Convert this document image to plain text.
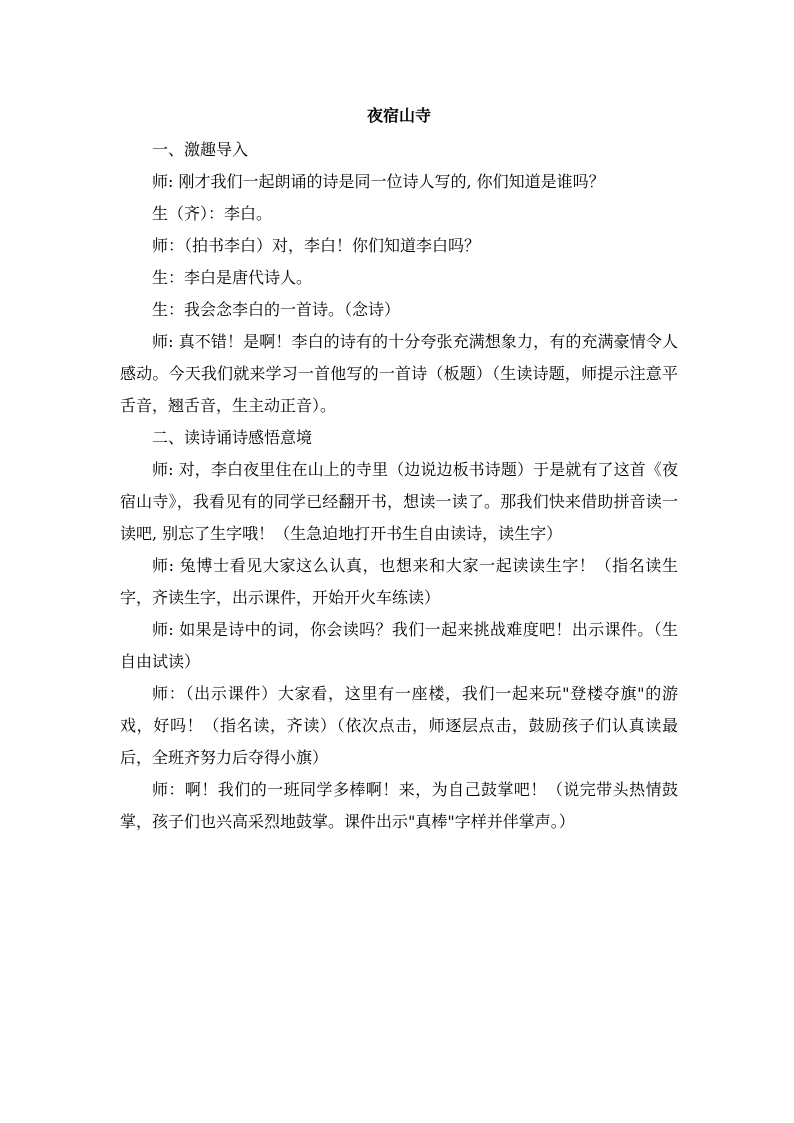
夜宿山寺

一、激趣导入

师: 刚才我们一起朗诵的诗是同一位诗人写的, 你们知道是谁吗？

生（齐）：李白。

师：（拍书李白）对，李白！你们知道李白吗？

生：李白是唐代诗人。

生：我会念李白的一首诗。（念诗）

师: 真不错！是啊！李白的诗有的十分夸张充满想象力，有的充满豪情令人感动。今天我们就来学习一首他写的一首诗（板题）（生读诗题，师提示注意平舌音，翘舌音，生主动正音）。

二、读诗诵诗感悟意境

师: 对，李白夜里住在山上的寺里（边说边板书诗题）于是就有了这首《夜宿山寺》，我看见有的同学已经翻开书，想读一读了。那我们快来借助拼音读一读吧, 别忘了生字哦！（生急迫地打开书生自由读诗，读生字）

师: 兔博士看见大家这么认真，也想来和大家一起读读生字！（指名读生字，齐读生字，出示课件，开始开火车练读）

师: 如果是诗中的词，你会读吗？我们一起来挑战难度吧！出示课件。（生自由试读）

师：（出示课件）大家看，这里有一座楼，我们一起来玩"登楼夺旗"的游戏，好吗！（指名读，齐读）（依次点击，师逐层点击，鼓励孩子们认真读最后，全班齐努力后夺得小旗）

师：啊！我们的一班同学多棒啊！来，为自己鼓掌吧！（说完带头热情鼓掌，孩子们也兴高采烈地鼓掌。课件出示"真棒"字样并伴掌声。）
